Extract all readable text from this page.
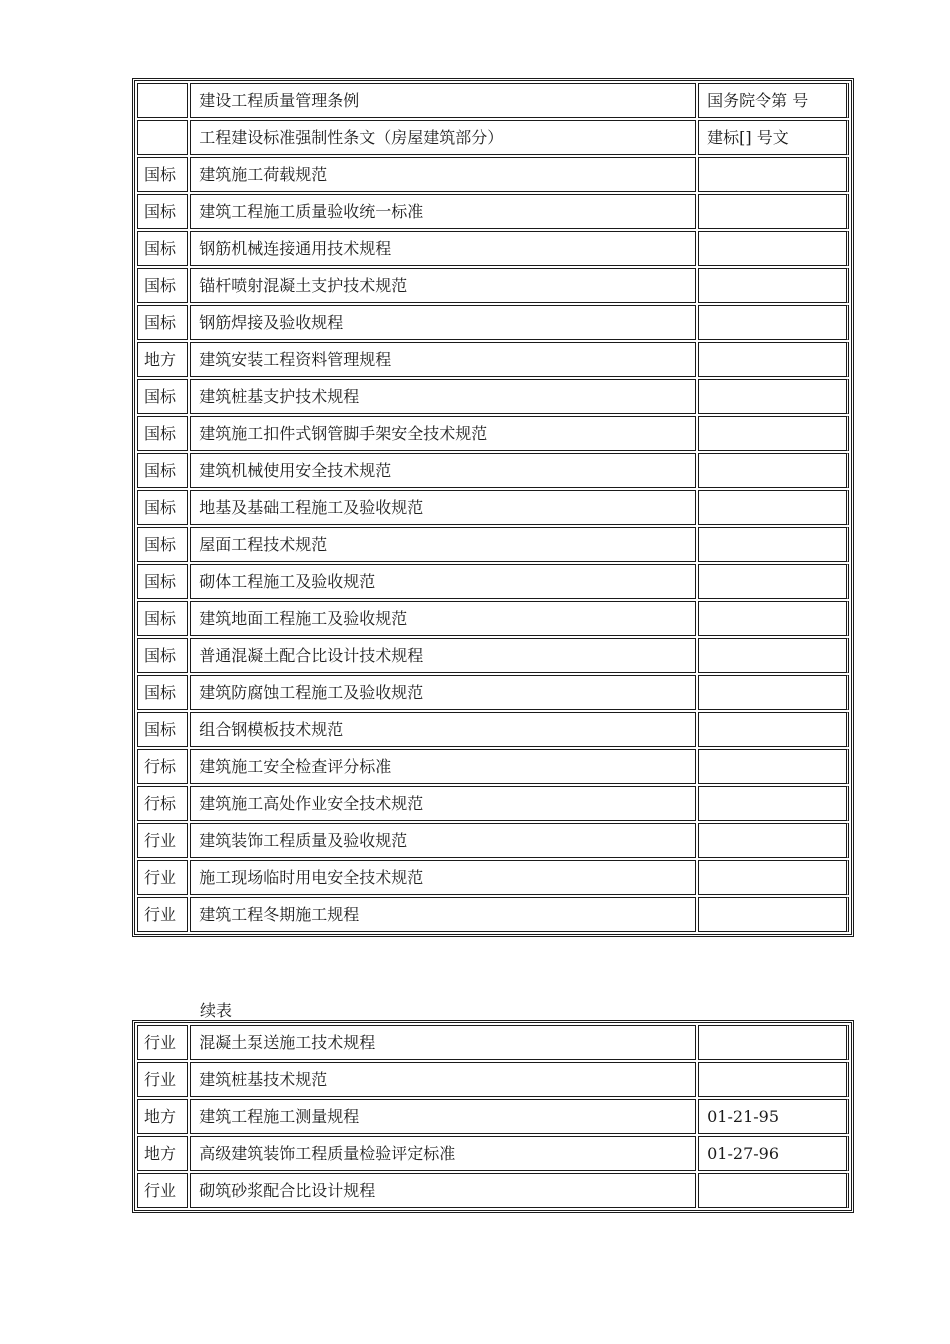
	建设工程质量管理条例	国务院令第 号
	工程建设标准强制性条文（房屋建筑部分）	建标[] 号文
国标	建筑施工荷载规范	
国标	建筑工程施工质量验收统一标准	
国标	钢筋机械连接通用技术规程	
国标	锚杆喷射混凝土支护技术规范	
国标	钢筋焊接及验收规程	
地方	建筑安装工程资料管理规程	
国标	建筑桩基支护技术规程	
国标	建筑施工扣件式钢管脚手架安全技术规范	
国标	建筑机械使用安全技术规范	
国标	地基及基础工程施工及验收规范	
国标	屋面工程技术规范	
国标	砌体工程施工及验收规范	
国标	建筑地面工程施工及验收规范	
国标	普通混凝土配合比设计技术规程	
国标	建筑防腐蚀工程施工及验收规范	
国标	组合钢模板技术规范	
行标	建筑施工安全检查评分标准	
行标	建筑施工高处作业安全技术规范	
行业	建筑装饰工程质量及验收规范	
行业	施工现场临时用电安全技术规范	
行业	建筑工程冬期施工规程	
续表
行业	混凝土泵送施工技术规程	
行业	建筑桩基技术规范	
地方	建筑工程施工测量规程	01-21-95
地方	高级建筑装饰工程质量检验评定标准	01-27-96
行业	砌筑砂浆配合比设计规程	
